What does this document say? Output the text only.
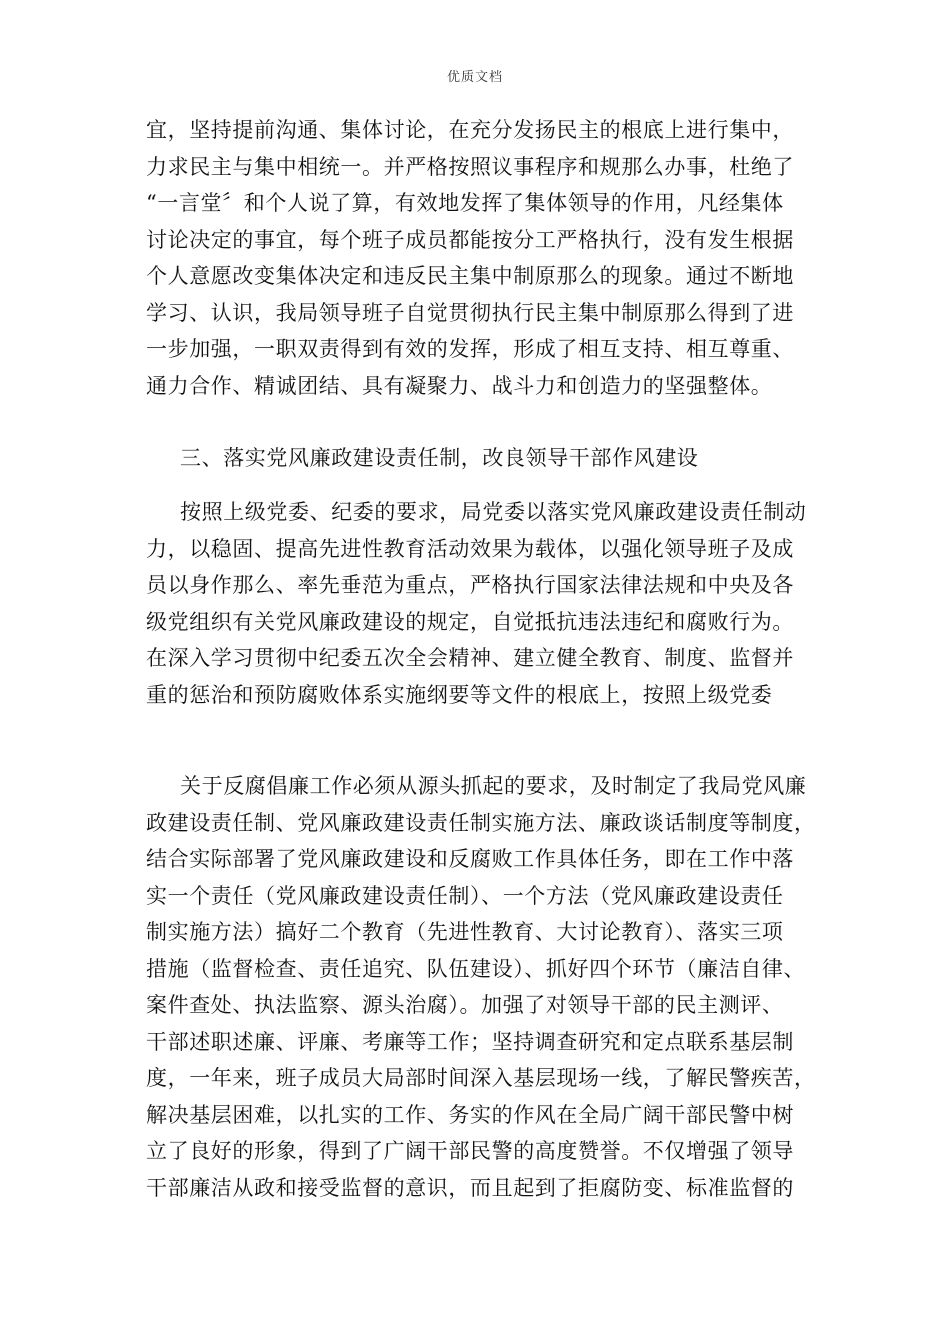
优质文档
宜，坚持提前沟通、集体讨论，在充分发扬民主的根底上进行集中，
力求民主与集中相统一。并严格按照议事程序和规那么办事，杜绝了
“一言堂〞和个人说了算，有效地发挥了集体领导的作用，凡经集体
讨论决定的事宜，每个班子成员都能按分工严格执行，没有发生根据
个人意愿改变集体决定和违反民主集中制原那么的现象。通过不断地
学习、认识，我局领导班子自觉贯彻执行民主集中制原那么得到了进
一步加强，一职双责得到有效的发挥，形成了相互支持、相互尊重、
通力合作、精诚团结、具有凝聚力、战斗力和创造力的坚强整体。
三、落实党风廉政建设责任制，改良领导干部作风建设
按照上级党委、纪委的要求，局党委以落实党风廉政建设责任制动
力，以稳固、提高先进性教育活动效果为载体，以强化领导班子及成
员以身作那么、率先垂范为重点，严格执行国家法律法规和中央及各
级党组织有关党风廉政建设的规定，自觉抵抗违法违纪和腐败行为。
在深入学习贯彻中纪委五次全会精神、建立健全教育、制度、监督并
重的惩治和预防腐败体系实施纲要等文件的根底上，按照上级党委
关于反腐倡廉工作必须从源头抓起的要求，及时制定了我局党风廉
政建设责任制、党风廉政建设责任制实施方法、廉政谈话制度等制度，
结合实际部署了党风廉政建设和反腐败工作具体任务，即在工作中落
实一个责任（党风廉政建设责任制）、一个方法（党风廉政建设责任
制实施方法）搞好二个教育（先进性教育、大讨论教育）、落实三项
措施（监督检查、责任追究、队伍建设）、抓好四个环节（廉洁自律、
案件查处、执法监察、源头治腐）。加强了对领导干部的民主测评、
干部述职述廉、评廉、考廉等工作；坚持调查研究和定点联系基层制
度，一年来，班子成员大局部时间深入基层现场一线，了解民警疾苦，
解决基层困难，以扎实的工作、务实的作风在全局广阔干部民警中树
立了良好的形象，得到了广阔干部民警的高度赞誉。不仅增强了领导
干部廉洁从政和接受监督的意识，而且起到了拒腐防变、标准监督的
